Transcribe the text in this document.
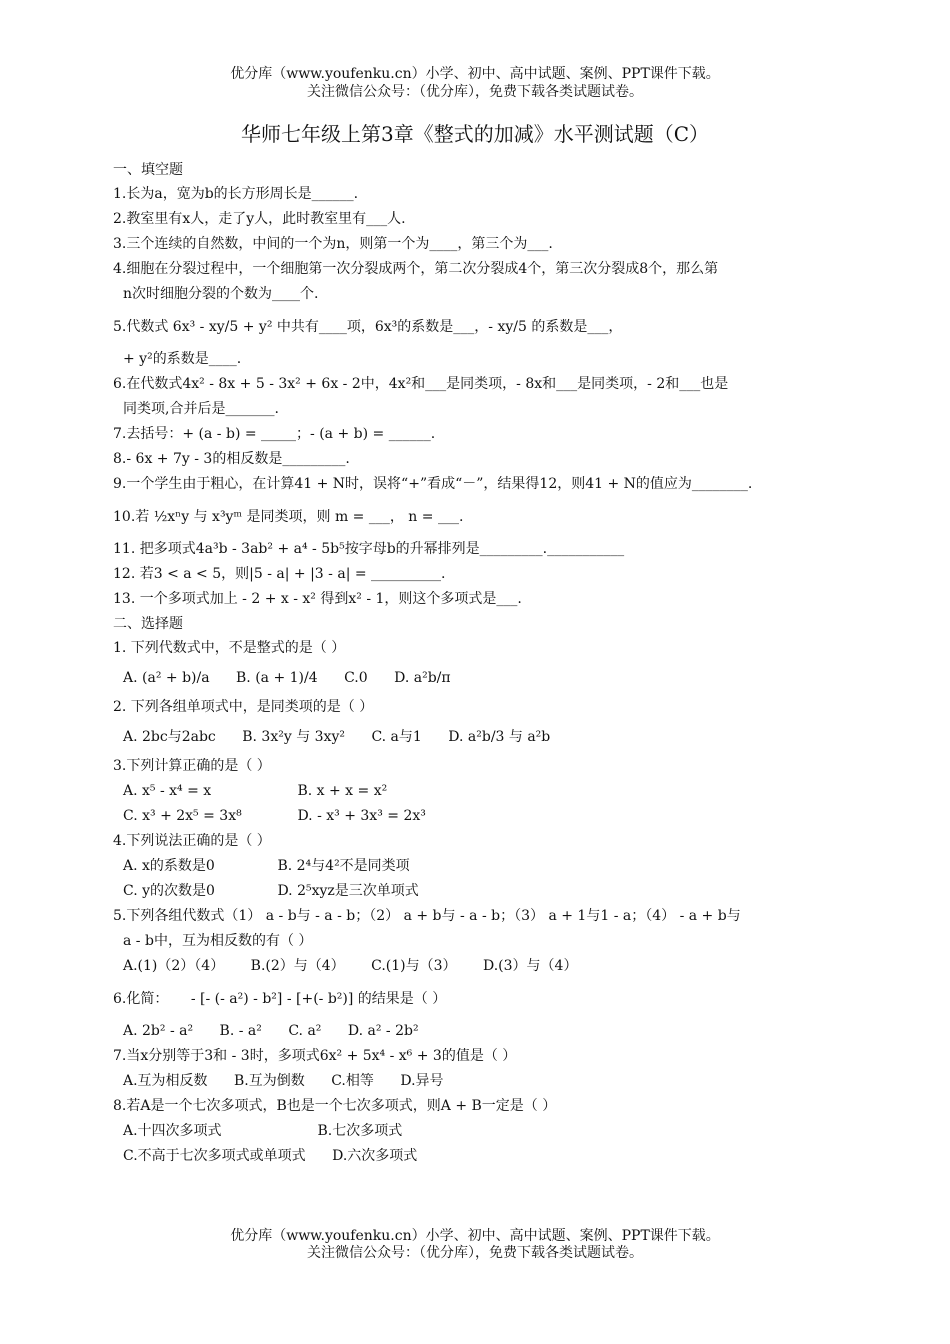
优分库（www.youfenku.cn）小学、初中、高中试题、案例、PPT课件下载。
关注微信公众号：（优分库），免费下载各类试题试卷。
华师七年级上第3章《整式的加减》水平测试题（C）
一、填空题
1.长为a，宽为b的长方形周长是______.
2.教室里有x人，走了y人，此时教室里有___人.
3.三个连续的自然数，中间的一个为n，则第一个为____，第三个为___.
4.细胞在分裂过程中，一个细胞第一次分裂成两个，第二次分裂成4个，第三次分裂成8个，那么第
n次时细胞分裂的个数为____个.
5.代数式 6x³ - xy/5 + y² 中共有____项，6x³的系数是___，- xy/5 的系数是___，
+ y²的系数是____.
6.在代数式4x² - 8x + 5 - 3x² + 6x - 2中，4x²和___是同类项，- 8x和___是同类项，- 2和___也是
同类项,合并后是_______.
7.去括号：+ (a - b) = _____；- (a + b) = ______.
8.- 6x + 7y - 3的相反数是_________.
9.一个学生由于粗心，在计算41 + N时，误将“+”看成“－”，结果得12，则41 + N的值应为________.
10.若 ½xⁿy 与 x³yᵐ 是同类项，则 m = ___， n = ___.
11. 把多项式4a³b - 3ab² + a⁴ - 5b⁵按字母b的升幂排列是_________.___________
12. 若3 < a < 5，则|5 - a| + |3 - a| = __________.
13. 一个多项式加上 - 2 + x - x² 得到x² - 1，则这个多项式是___.
二、选择题
1. 下列代数式中，不是整式的是（ ）
A. (a² + b)/a B. (a + 1)/4 C.0 D. a²b/π
2. 下列各组单项式中，是同类项的是（ ）
A. 2bc与2abc B. 3x²y 与 3xy² C. a与1 D. a²b/3 与 a²b
3.下列计算正确的是（ ）
A. x⁵ - x⁴ = x	B. x + x = x²
C. x³ + 2x⁵ = 3x⁸	D. - x³ + 3x³ = 2x³
4.下列说法正确的是（ ）
A. x的系数是0	B. 2⁴与4²不是同类项
C. y的次数是0	D. 2⁵xyz是三次单项式
5.下列各组代数式（1） a - b与 - a - b；（2） a + b与 - a - b；（3） a + 1与1 - a；（4） - a + b与
a - b中，互为相反数的有（ ）
A.(1)（2）（4） B.(2）与（4） C.(1)与（3） D.(3）与（4）
6.化简： - [- (- a²) - b²] - [+(- b²)] 的结果是（ ）
A. 2b² - a² B. - a² C. a² D. a² - 2b²
7.当x分别等于3和 - 3时，多项式6x² + 5x⁴ - x⁶ + 3的值是（ ）
A.互为相反数 B.互为倒数 C.相等 D.异号
8.若A是一个七次多项式，B也是一个七次多项式，则A + B一定是（ ）
A.十四次多项式	B.七次多项式
C.不高于七次多项式或单项式 D.六次多项式
优分库（www.youfenku.cn）小学、初中、高中试题、案例、PPT课件下载。
关注微信公众号：（优分库），免费下载各类试题试卷。
